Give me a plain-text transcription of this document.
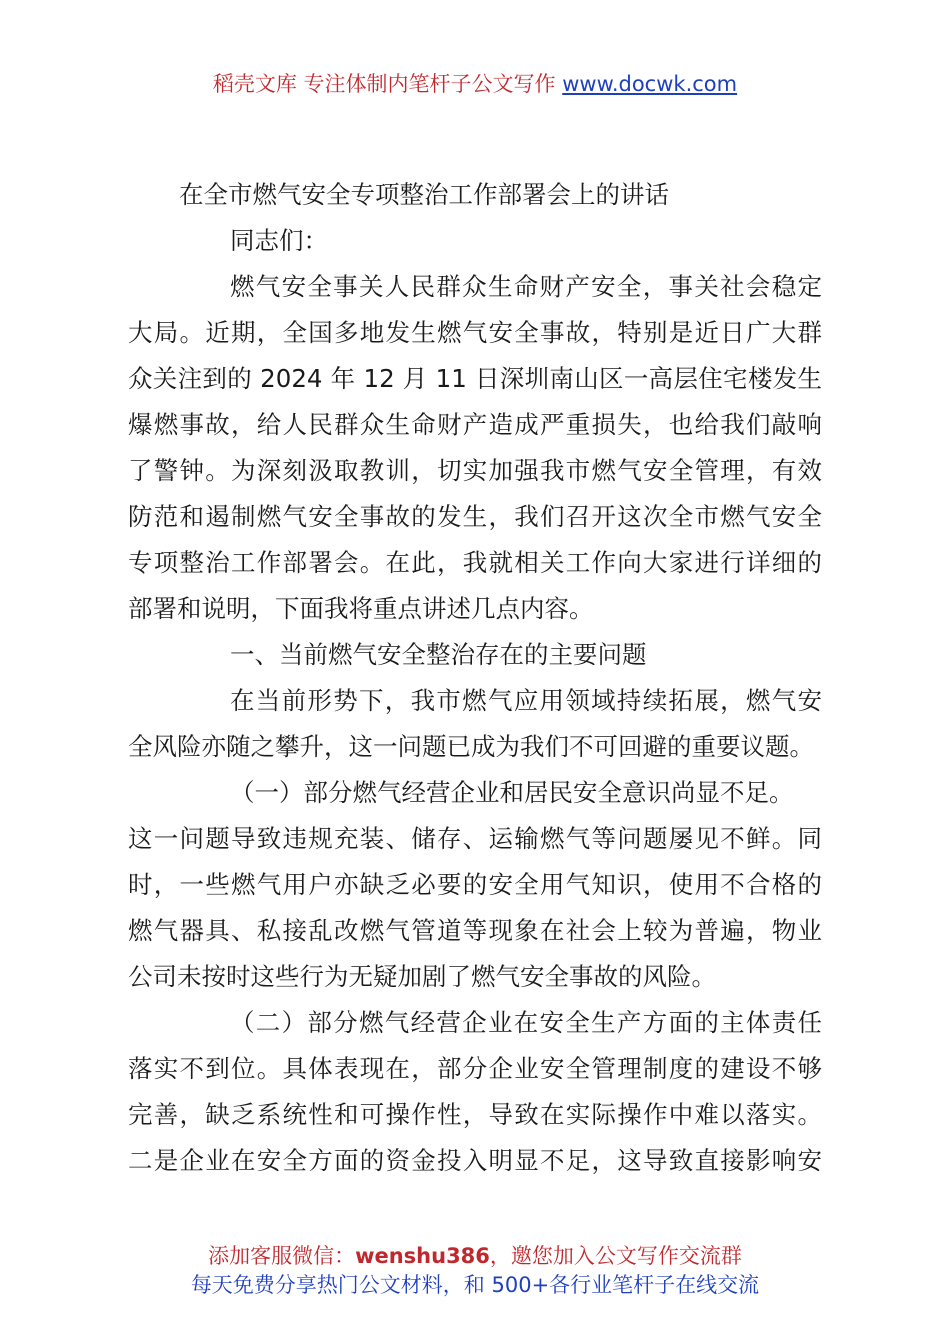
稻壳文库 专注体制内笔杆子公文写作 www.docwk.com
在全市燃气安全专项整治工作部署会上的讲话
同志们：
燃气安全事关人民群众生命财产安全，事关社会稳定
大局。近期，全国多地发生燃气安全事故，特别是近日广大群
众关注到的 2024 年 12 月 11 日深圳南山区一高层住宅楼发生
爆燃事故，给人民群众生命财产造成严重损失，也给我们敲响
了警钟。为深刻汲取教训，切实加强我市燃气安全管理，有效
防范和遏制燃气安全事故的发生，我们召开这次全市燃气安全
专项整治工作部署会。在此，我就相关工作向大家进行详细的
部署和说明，下面我将重点讲述几点内容。
一、当前燃气安全整治存在的主要问题
在当前形势下，我市燃气应用领域持续拓展，燃气安
全风险亦随之攀升，这一问题已成为我们不可回避的重要议题。
（一）部分燃气经营企业和居民安全意识尚显不足。
这一问题导致违规充装、储存、运输燃气等问题屡见不鲜。同
时，一些燃气用户亦缺乏必要的安全用气知识，使用不合格的
燃气器具、私接乱改燃气管道等现象在社会上较为普遍，物业
公司未按时这些行为无疑加剧了燃气安全事故的风险。
（二）部分燃气经营企业在安全生产方面的主体责任
落实不到位。具体表现在，部分企业安全管理制度的建设不够
完善，缺乏系统性和可操作性，导致在实际操作中难以落实。
二是企业在安全方面的资金投入明显不足，这导致直接影响安
添加客服微信：wenshu386，邀您加入公文写作交流群
每天免费分享热门公文材料，和 500+各行业笔杆子在线交流
